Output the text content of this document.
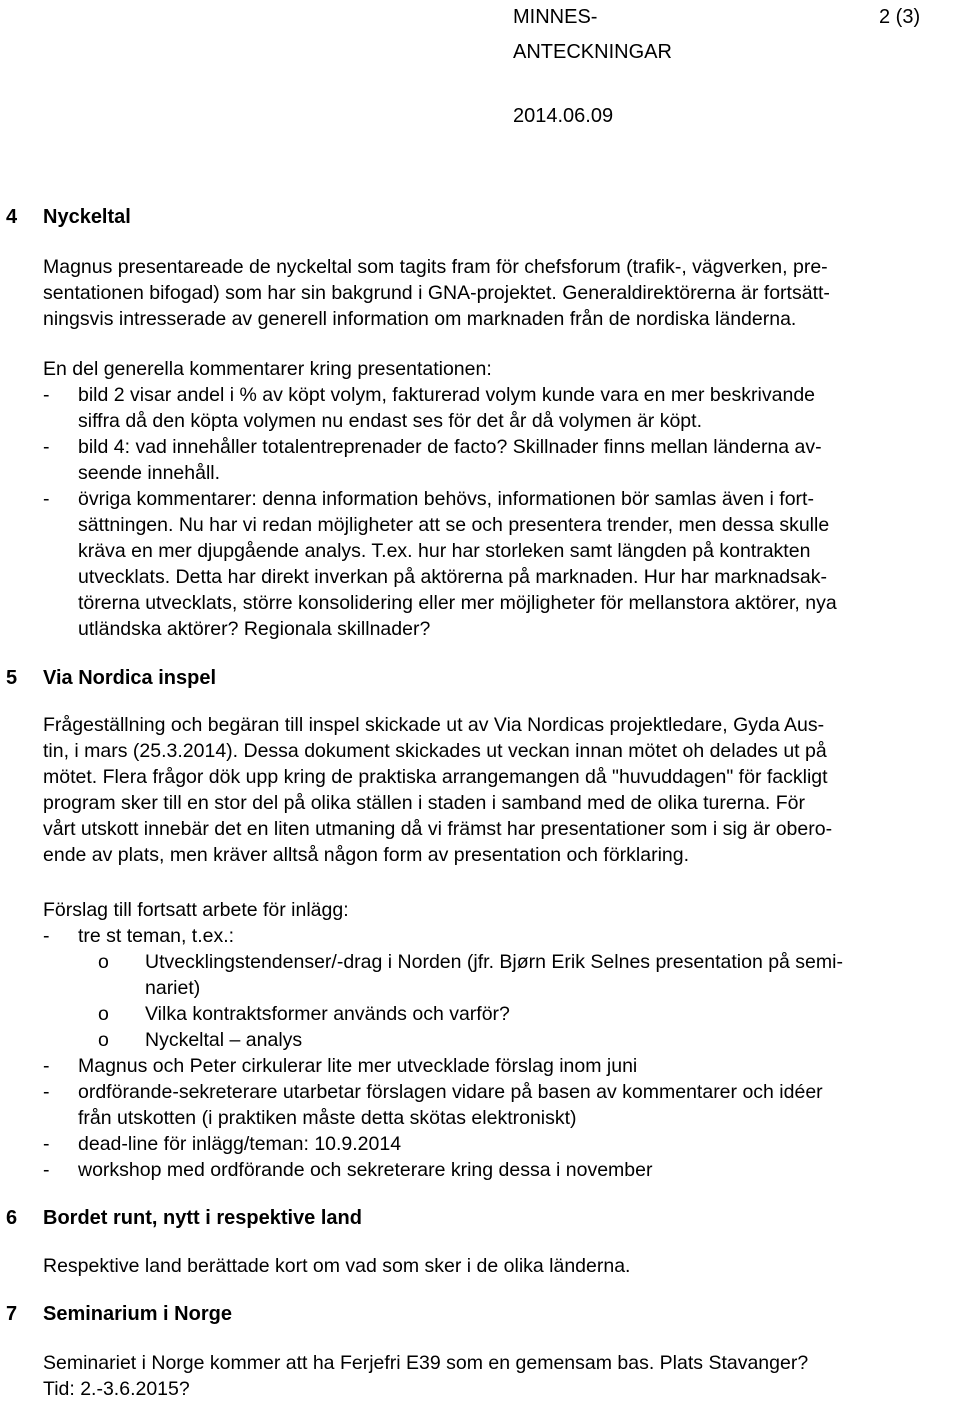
MINNES-
ANTECKNINGAR
2 (3)
2014.06.09
4 Nyckeltal
Magnus presentareade de nyckeltal som tagits fram för chefsforum (trafik-, vägverken, pre-
sentationen bifogad) som har sin bakgrund i GNA-projektet. Generaldirektörerna är fortsätt-
ningsvis intresserade av generell information om marknaden från de nordiska länderna.
En del generella kommentarer kring presentationen:
- bild 2 visar andel i % av köpt volym, fakturerad volym kunde vara en mer beskrivande
siffra då den köpta volymen nu endast ses för det år då volymen är köpt.
- bild 4: vad innehåller totalentreprenader de facto? Skillnader finns mellan länderna av-
seende innehåll.
- övriga kommentarer: denna information behövs, informationen bör samlas även i fort-
sättningen. Nu har vi redan möjligheter att se och presentera trender, men dessa skulle
kräva en mer djupgående analys. T.ex. hur har storleken samt längden på kontrakten
utvecklats. Detta har direkt inverkan på aktörerna på marknaden. Hur har marknadsak-
törerna utvecklats, större konsolidering eller mer möjligheter för mellanstora aktörer, nya
utländska aktörer? Regionala skillnader?
5 Via Nordica inspel
Frågeställning och begäran till inspel skickade ut av Via Nordicas projektledare, Gyda Aus-
tin, i mars (25.3.2014). Dessa dokument skickades ut veckan innan mötet oh delades ut på
mötet. Flera frågor dök upp kring de praktiska arrangemangen då "huvuddagen" för fackligt
program sker till en stor del på olika ställen i staden i samband med de olika turerna. För
vårt utskott innebär det en liten utmaning då vi främst har presentationer som i sig är obero-
ende av plats, men kräver alltså någon form av presentation och förklaring.
Förslag till fortsatt arbete för inlägg:
- tre st teman, t.ex.:
o Utvecklingstendenser/-drag i Norden (jfr. Bjørn Erik Selnes presentation på semi-
nariet)
o Vilka kontraktsformer används och varför?
o Nyckeltal – analys
- Magnus och Peter cirkulerar lite mer utvecklade förslag inom juni
- ordförande-sekreterare utarbetar förslagen vidare på basen av kommentarer och idéer
från utskotten (i praktiken måste detta skötas elektroniskt)
- dead-line för inlägg/teman: 10.9.2014
- workshop med ordförande och sekreterare kring dessa i november
6 Bordet runt, nytt i respektive land
Respektive land berättade kort om vad som sker i de olika länderna.
7 Seminarium i Norge
Seminariet i Norge kommer att ha Ferjefri E39 som en gemensam bas. Plats Stavanger?
Tid: 2.-3.6.2015?
